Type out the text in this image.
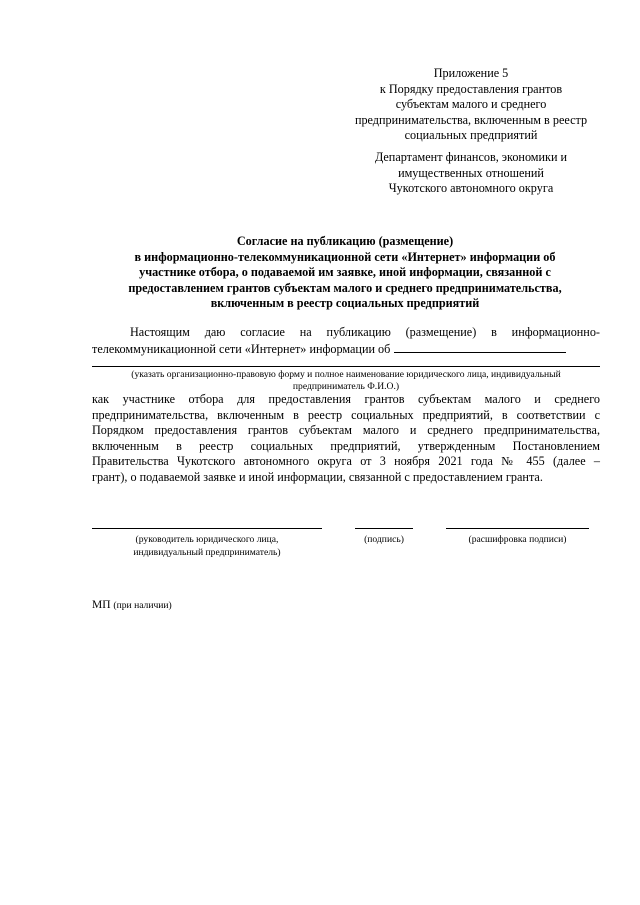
Приложение 5
к Порядку предоставления грантов
субъектам малого и среднего
предпринимательства, включенным в реестр
социальных предприятий
Департамент финансов, экономики и
имущественных отношений
Чукотского автономного округа
Согласие на публикацию (размещение)
в информационно-телекоммуникационной сети «Интернет» информации об
участнике отбора, о подаваемой им заявке, иной информации, связанной с
предоставлением грантов субъектам малого и среднего предпринимательства,
включенным в реестр социальных предприятий
Настоящим даю согласие на публикацию (размещение) в информационно-
телекоммуникационной сети «Интернет» информации об
(указать организационно-правовую форму и полное наименование юридического лица, индивидуальный
предприниматель Ф.И.О.)
как участнике отбора для предоставления грантов субъектам малого и среднего
предпринимательства, включенным в реестр социальных предприятий, в соответствии с
Порядком предоставления грантов субъектам малого и среднего предпринимательства,
включенным в реестр социальных предприятий, утвержденным Постановлением
Правительства Чукотского автономного округа от 3 ноября 2021 года № 455 (далее –
грант), о подаваемой заявке и иной информации, связанной с предоставлением гранта.
(руководитель юридического лица,
индивидуальный предприниматель)
(подпись)	(расшифровка подписи)
МП (при наличии)
